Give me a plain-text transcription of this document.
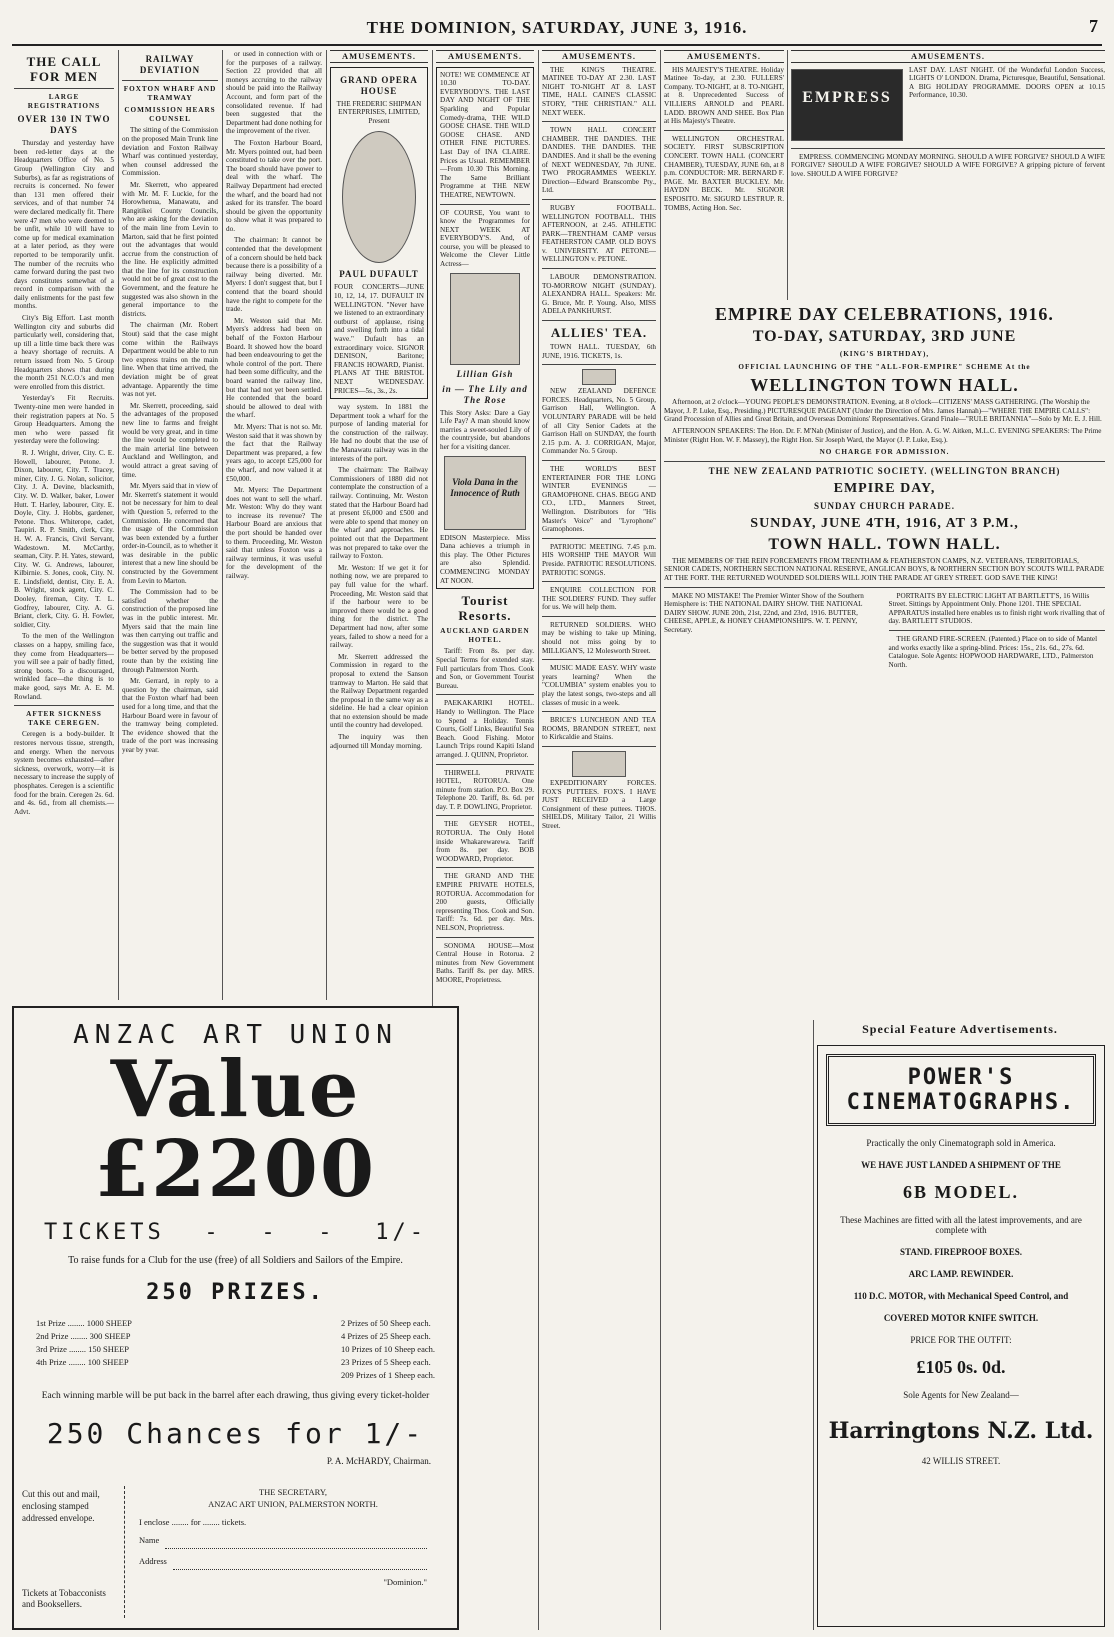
THE DOMINION, SATURDAY, JUNE 3, 1916.	7
THE CALL FOR MEN
LARGE REGISTRATIONS
OVER 130 IN TWO DAYS

Thursday and yesterday have been red-letter days at the Headquarters Office of No. 5 Group (Wellington City and Suburbs), as far as registrations of recruits is concerned. No fewer than 131 men offered their services, and of that number 74 were declared medically fit. There were 47 men who were deemed to be unfit, while 10 will have to come up for medical examination at a later period, as they were reported to be temporarily unfit. The number of the recruits who came forward during the past two days constitutes somewhat of a record in comparison with the daily enlistments for the past few months.

City's Big Effort. Last month Wellington city and suburbs did particularly well, considering that, up till a little time back there was a heavy shortage of recruits. A return issued from No. 5 Group Headquarters shows that during the month 251 N.C.O.'s and men were enrolled from this district.

Yesterday's Fit Recruits. Twenty-nine men were handed in their registration papers at No. 5 Group Headquarters. Among the men who were passed fit yesterday were the following:

R. J. Wright, driver, City. C. E. Howell, labourer, Petone. J. Dixon, labourer, City. T. Tracey, miner, City. J. G. Nolan, solicitor, City. J. A. Devine, blacksmith, City. W. D. Walker, baker, Lower Hutt. T. Harley, labourer, City. E. Doyle, City. J. Hobbs, gardener, Petone. Thos. Whiterope, cadet, Taupiri. R. P. Smith, clerk, City. H. W. A. Francis, Civil Servant, Wadestown. M. McCarthy, seaman, City. P. H. Yates, steward, City. W. G. Andrews, labourer, Kilbirnie. S. Jones, cook, City. N. E. Lindsfield, dentist, City. E. A. B. Wright, stock agent, City. C. Dooley, fireman, City. T. L. Godfrey, labourer, City. A. G. Briant, clerk, City. G. H. Fowler, soldier, City.

To the men of the Wellington classes on a happy, smiling face, they come from Headquarters—you will see a pair of badly fitted, strong boots. To a discouraged, wrinkled face—the thing is to make good, says Mr. A. E. M. Rowland.

AFTER SICKNESS TAKE CEREGEN.

Ceregen is a body-builder. It restores nervous tissue, strength, and energy. When the nervous system becomes exhausted—after sickness, overwork, worry—it is necessary to increase the supply of phosphates. Ceregen is a scientific food for the brain. Ceregen 2s. 6d. and 4s. 6d., from all chemists.—Advt.

RAILWAY DEVIATION
FOXTON WHARF AND TRAMWAY
COMMISSION HEARS COUNSEL

The sitting of the Commission on the proposed Main Trunk line deviation and Foxton Railway Wharf was continued yesterday, when counsel addressed the Commission.

Mr. Skerrett, who appeared with Mr. M. F. Luckie, for the Horowhenua, Manawatu, and Rangitikei County Councils, who are asking for the deviation of the main line from Levin to Marton, said that he first pointed out the advantages that would accrue from the construction of the line. He explicitly admitted that the line for its construction would not be of great cost to the Government, and the feature he suggested was also shown in the general importance to the districts.

The chairman (Mr. Robert Stout) said that the case might come within the Railways Department would be able to run two express trains on the main line. When that time arrived, the deviation might be of great advantage. Apparently the time was not yet.

Mr. Skerrett, proceeding, said the advantages of the proposed new line to farms and freight would be very great, and in time the line would be completed to the main arterial line between Auckland and Wellington, and would attract a great saving of time.

Mr. Myers said that in view of Mr. Skerrett's statement it would not be necessary for him to deal with Question 5, referred to the Commission. He concerned that the usage of the Commission was been extended by a further order-in-Council, as to whether it was desirable in the public interest that a new line should be constructed by the Government from Levin to Marton.

The Commission had to be satisfied whether the construction of the proposed line was in the public interest. Mr. Myers said that the main line was then carrying out traffic and the suggestion was that it would be better served by the proposed route than by the existing line through Palmerston North.

Mr. Gerrard, in reply to a question by the chairman, said that the Foxton wharf had been used for a long time, and that the Harbour Board were in favour of the tramway being completed. The evidence showed that the trade of the port was increasing year by year.

or used in connection with or for the purposes of a railway. Section 22 provided that all moneys accruing to the railway should be paid into the Railway Account, and form part of the consolidated revenue. If had been suggested that the Department had done nothing for the improvement of the river.

The Foxton Harbour Board, Mr. Myers pointed out, had been constituted to take over the port. The board should have power to deal with the wharf. The Railway Department had erected the wharf, and the board had not asked for its transfer. The board should be given the opportunity to show what it was prepared to do.

The chairman: It cannot be contended that the development of a concern should be held back because there is a possibility of a railway being diverted. Mr. Myers: I don't suggest that, but I contend that the board should have the right to compete for the trade.

Mr. Weston said that Mr. Myers's address had been on behalf of the Foxton Harbour Board. It showed how the board had been endeavouring to get the whole control of the port. There had been some difficulty, and the board wanted the railway line, but that had not yet been settled. He contended that the board should be allowed to deal with the wharf.

Mr. Myers: That is not so. Mr. Weston said that it was shown by the fact that the Railway Department was prepared, a few years ago, to accept £25,000 for the wharf, and now valued it at £50,000.

Mr. Myers: The Department does not want to sell the wharf. Mr. Weston: Why do they want to increase its revenue? The Harbour Board are anxious that the port should be handed over to them. Proceeding, Mr. Weston said that unless Foxton was a railway terminus, it was useful for the development of the railway.

AMUSEMENTS.
GRAND OPERA HOUSE
THE FREDERIC SHIPMAN ENTERPRISES, LIMITED, Present
PAUL DUFAULT
FOUR CONCERTS—JUNE 10, 12, 14, 17. DUFAULT IN WELLINGTON. "Never have we listened to an extraordinary outburst of applause, rising and swelling forth into a tidal wave." Dufault has an extraordinary voice. SIGNOR DENISON, Baritone; FRANCIS HOWARD, Pianist. PLANS AT THE BRISTOL NEXT WEDNESDAY. PRICES—5s., 3s., 2s.

way system. In 1881 the Department took a wharf for the purpose of landing material for the construction of the railway. He had no doubt that the use of the Manawatu railway was in the interests of the port.

The chairman: The Railway Commissioners of 1880 did not contemplate the construction of a railway. Continuing, Mr. Weston stated that the Harbour Board had at present £6,000 and £500 and were able to spend that money on the wharf and approaches. He pointed out that the Department was not prepared to take over the railway to Foxton.

Mr. Weston: If we get it for nothing now, we are prepared to pay full value for the wharf. Proceeding, Mr. Weston said that if the harbour were to be improved there would be a good thing for the district. The Department had now, after some years, failed to show a need for a railway.

Mr. Skerrett addressed the Commission in regard to the proposal to extend the Sanson tramway to Marton. He said that the Railway Department regarded the proposal in the same way as a sideline. He had a clear opinion that no extension should be made until the country had developed.

The inquiry was then adjourned till Monday morning.

AMUSEMENTS.
NOTE! WE COMMENCE AT 10.30 TO-DAY. EVERYBODY'S. THE LAST DAY AND NIGHT OF THE Sparkling and Popular Comedy-drama, THE WILD GOOSE CHASE. THE WILD GOOSE CHASE. AND OTHER FINE PICTURES. Last Day of INA CLAIRE. Prices as Usual. REMEMBER—From 10.30 This Morning. The Same Brilliant Programme at THE NEW THEATRE, NEWTOWN.
OF COURSE, You want to know the Programmes for NEXT WEEK AT EVERYBODY'S. And, of course, you will be pleased to Welcome the Clever Little Actress—
Lillian Gish
in — The Lily and The Rose
This Story Asks: Dare a Gay Life Pay? A man should know marries a sweet-souled Lily of the countryside, but abandons her for a visiting dancer.
Viola Dana in the Innocence of Ruth
EDISON Masterpiece. Miss Dana achieves a triumph in this play. The Other Pictures are also Splendid. COMMENCING MONDAY AT NOON.
Tourist Resorts.
AUCKLAND GARDEN HOTEL.

Tariff: From 8s. per day. Special Terms for extended stay. Full particulars from Thos. Cook and Son, or Government Tourist Bureau.

PAEKAKARIKI HOTEL. Handy to Wellington. The Place to Spend a Holiday. Tennis Courts, Golf Links, Beautiful Sea Beach. Good Fishing. Motor Launch Trips round Kapiti Island arranged. J. QUINN, Proprietor.

THIRWELL PRIVATE HOTEL, ROTORUA. One minute from station. P.O. Box 29. Telephone 20. Tariff, 8s. 6d. per day. T. P. DOWLING, Proprietor.

THE GEYSER HOTEL, ROTORUA. The Only Hotel inside Whakarewarewa. Tariff from 8s. per day. BOB WOODWARD, Proprietor.

THE GRAND AND THE EMPIRE PRIVATE HOTELS, ROTORUA. Accommodation for 200 guests, Officially representing Thos. Cook and Son. Tariff: 7s. 6d. per day. Mrs. NELSON, Proprietress.

SONOMA HOUSE—Most Central House in Rotorua. 2 minutes from New Government Baths. Tariff 8s. per day. MRS. MOORE, Proprietress.

AMUSEMENTS.

THE KING'S THEATRE. MATINEE TO-DAY AT 2.30. LAST NIGHT TO-NIGHT AT 8. LAST TIME, HALL CAINE'S CLASSIC STORY, "THE CHRISTIAN." ALL NEXT WEEK.

TOWN HALL CONCERT CHAMBER. THE DANDIES. THE DANDIES. THE DANDIES. THE DANDIES. And it shall be the evening of NEXT WEDNESDAY, 7th JUNE. TWO PROGRAMMES WEEKLY. Direction—Edward Branscombe Pty., Ltd.

RUGBY FOOTBALL. WELLINGTON FOOTBALL. THIS AFTERNOON, at 2.45. ATHLETIC PARK—TRENTHAM CAMP versus FEATHERSTON CAMP. OLD BOYS v. UNIVERSITY. AT PETONE—WELLINGTON v. PETONE.

LABOUR DEMONSTRATION. TO-MORROW NIGHT (SUNDAY). ALEXANDRA HALL. Speakers: Mr. G. Bruce, Mr. P. Young. Also, MISS ADELA PANKHURST.

ALLIES' TEA.

TOWN HALL. TUESDAY, 6th JUNE, 1916. TICKETS, 1s.

NEW ZEALAND DEFENCE FORCES. Headquarters, No. 5 Group, Garrison Hall, Wellington. A VOLUNTARY PARADE will be held of all City Senior Cadets at the Garrison Hall on SUNDAY, the fourth 2.15 p.m. A. J. CORRIGAN, Major, Commander No. 5 Group.

THE WORLD'S BEST ENTERTAINER FOR THE LONG WINTER EVENINGS — GRAMOPHONE. CHAS. BEGG AND CO., LTD., Manners Street, Wellington. Distributors for "His Master's Voice" and "Lyrophone" Gramophones.

PATRIOTIC MEETING. 7.45 p.m. HIS WORSHIP THE MAYOR Will Preside. PATRIOTIC RESOLUTIONS. PATRIOTIC SONGS.

ENQUIRE COLLECTION FOR THE SOLDIERS' FUND. They suffer for us. We will help them.

RETURNED SOLDIERS. WHO may be wishing to take up Mining, should not miss going by to MILLIGAN'S, 12 Molesworth Street.

MUSIC MADE EASY. WHY waste years learning? When the "COLUMBIA" system enables you to play the latest songs, two-steps and all classes of music in a week.

BRICE'S LUNCHEON AND TEA ROOMS, BRANDON STREET, next to Kirkcaldie and Stains.

EXPEDITIONARY FORCES. FOX'S PUTTEES. FOX'S. I HAVE JUST RECEIVED a Large Consignment of these puttees. THOS. SHIELDS, Military Tailor, 21 Willis Street.

AMUSEMENTS.

HIS MAJESTY'S THEATRE. Holiday Matinee To-day, at 2.30. FULLERS' Company. TO-NIGHT, at 8. TO-NIGHT, at 8. Unprecedented Success of VILLIERS ARNOLD and PEARL LADD. BROWN AND SHEE. Box Plan at His Majesty's Theatre.

WELLINGTON ORCHESTRAL SOCIETY. FIRST SUBSCRIPTION CONCERT. TOWN HALL (CONCERT CHAMBER), TUESDAY, JUNE 6th, at 8 p.m. CONDUCTOR: MR. BERNARD F. PAGE. Mr. BAXTER BUCKLEY. Mr. HAYDN BECK. Mr. SIGNOR ESPOSITO. Mr. SIGURD LESTRUP. R. TOMBS, Acting Hon. Sec.

AMUSEMENTS.
EMPRESS
LAST DAY. LAST NIGHT. Of the Wonderful London Success, LIGHTS O' LONDON. Drama, Picturesque, Beautiful, Sensational. A BIG HOLIDAY PROGRAMME. DOORS OPEN at 10.15 Performance, 10.30.

EMPRESS. COMMENCING MONDAY MORNING. SHOULD A WIFE FORGIVE? SHOULD A WIFE FORGIVE? SHOULD A WIFE FORGIVE? SHOULD A WIFE FORGIVE? A gripping picture of fervent love. SHOULD A WIFE FORGIVE?

EMPIRE DAY CELEBRATIONS, 1916.
TO-DAY, SATURDAY, 3RD JUNE
(KING'S BIRTHDAY),
OFFICIAL LAUNCHING OF THE "ALL-FOR-EMPIRE" SCHEME At the
WELLINGTON TOWN HALL.

Afternoon, at 2 o'clock—YOUNG PEOPLE'S DEMONSTRATION. Evening, at 8 o'clock—CITIZENS' MASS GATHERING. (The Worship the Mayor, J. P. Luke, Esq., Presiding.) PICTURESQUE PAGEANT (Under the Direction of Mrs. James Hannah)—"WHERE THE EMPIRE CALLS": Grand Procession of Allies and Great Britain, and Overseas Dominions' Representatives. Grand Finale—"RULE BRITANNIA"—Solo by Mr. E. J. Hill.

AFTERNOON SPEAKERS: The Hon. Dr. F. M'Nab (Minister of Justice), and the Hon. A. G. W. Aitken, M.L.C. EVENING SPEAKERS: The Prime Minister (Right Hon. W. F. Massey), the Right Hon. Sir Joseph Ward, the Mayor (J. P. Luke, Esq.).

NO CHARGE FOR ADMISSION.
THE NEW ZEALAND PATRIOTIC SOCIETY. (WELLINGTON BRANCH)
EMPIRE DAY,
SUNDAY CHURCH PARADE.
SUNDAY, JUNE 4TH, 1916, AT 3 P.M.,
TOWN HALL. TOWN HALL.

THE MEMBERS OF THE REIN FORCEMENTS FROM TRENTHAM & FEATHERSTON CAMPS, N.Z. VETERANS, TERRITORIALS, SENIOR CADETS, NORTHERN SECTION NATIONAL RESERVE, ANGLICAN BOYS, & NORTHERN SECTION BOY SCOUTS WILL PARADE AT THE FORT. THE RETURNED WOUNDED SOLDIERS WILL JOIN THE PARADE AT GREY STREET. GOD SAVE THE KING!

MAKE NO MISTAKE! The Premier Winter Show of the Southern Hemisphere is: THE NATIONAL DAIRY SHOW. THE NATIONAL DAIRY SHOW. JUNE 20th, 21st, 22nd, and 23rd, 1916. BUTTER, CHEESE, APPLE, & HONEY CHAMPIONSHIPS. W. T. PENNY, Secretary.

PORTRAITS BY ELECTRIC LIGHT AT BARTLETT'S, 16 Willis Street. Sittings by Appointment Only. Phone 1201. THE SPECIAL APPARATUS installed here enables us to finish right work rivalling that of day. BARTLETT STUDIOS.

THE GRAND FIRE-SCREEN. (Patented.) Place on to side of Mantel and works exactly like a spring-blind. Prices: 15s., 21s. 6d., 27s. 6d. Catalogue. Sole Agents: HOPWOOD HARDWARE, LTD., Palmerston North.

ANZAC ART UNION
Value £2200
TICKETS - - - 1/-
To raise funds for a Club for the use (free) of all Soldiers and Sailors of the Empire.
250 PRIZES.
1st Prize ........ 1000 SHEEP
2nd Prize ........ 300 SHEEP
3rd Prize ........ 150 SHEEP
4th Prize ........ 100 SHEEP
2 Prizes of 50 Sheep each.
4 Prizes of 25 Sheep each.
10 Prizes of 10 Sheep each.
23 Prizes of 5 Sheep each.
209 Prizes of 1 Sheep each.
Each winning marble will be put back in the barrel after each drawing, thus giving every ticket-holder
250 Chances for 1/-
P. A. McHARDY, Chairman.
Cut this out and mail, enclosing stamped addressed envelope.
Tickets at Tobacconists and Booksellers.
THE SECRETARY,
ANZAC ART UNION, PALMERSTON NORTH.
I enclose ........ for ........ tickets.
Name
Address
"Dominion."
Special Feature Advertisements.
POWER'S CINEMATOGRAPHS.
Practically the only Cinematograph sold in America.
WE HAVE JUST LANDED A SHIPMENT OF THE
6B MODEL.
These Machines are fitted with all the latest improvements, and are complete with
STAND. FIREPROOF BOXES.
ARC LAMP. REWINDER.
110 D.C. MOTOR, with Mechanical Speed Control, and
COVERED MOTOR KNIFE SWITCH.
PRICE FOR THE OUTFIT:
£105 0s. 0d.
Sole Agents for New Zealand—
Harringtons N.Z. Ltd.
42 WILLIS STREET.
